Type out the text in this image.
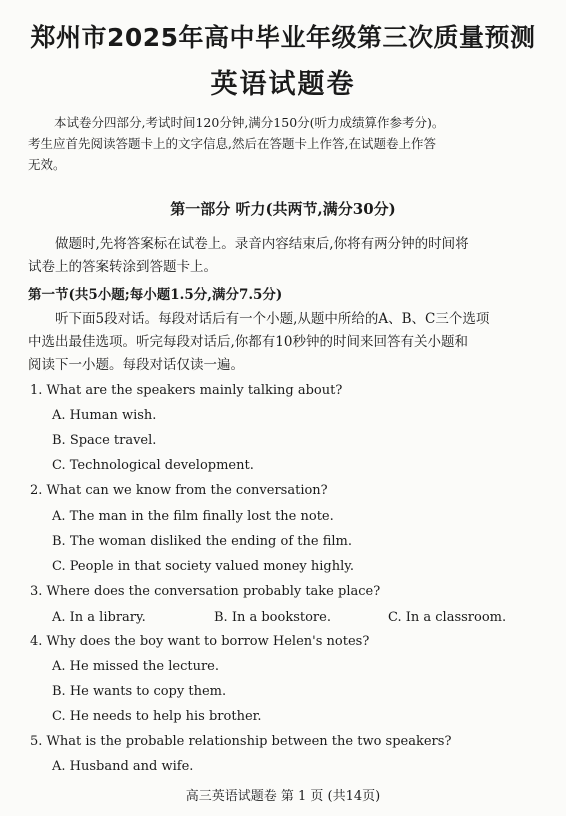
郑州市2025年高中毕业年级第三次质量预测
英语试题卷
本试卷分四部分,考试时间120分钟,满分150分(听力成绩算作参考分)。
考生应首先阅读答题卡上的文字信息,然后在答题卡上作答,在试题卷上作答
无效。
第一部分 听力(共两节,满分30分)
做题时,先将答案标在试卷上。录音内容结束后,你将有两分钟的时间将
试卷上的答案转涂到答题卡上。
第一节(共5小题;每小题1.5分,满分7.5分)
听下面5段对话。每段对话后有一个小题,从题中所给的A、B、C三个选项
中选出最佳选项。听完每段对话后,你都有10秒钟的时间来回答有关小题和
阅读下一小题。每段对话仅读一遍。
1. What are the speakers mainly talking about?
A. Human wish.
B. Space travel.
C. Technological development.
2. What can we know from the conversation?
A. The man in the film finally lost the note.
B. The woman disliked the ending of the film.
C. People in that society valued money highly.
3. Where does the conversation probably take place?
A. In a library.	B. In a bookstore.	C. In a classroom.
4. Why does the boy want to borrow Helen's notes?
A. He missed the lecture.
B. He wants to copy them.
C. He needs to help his brother.
5. What is the probable relationship between the two speakers?
A. Husband and wife.
高三英语试题卷 第 1 页 (共14页)
